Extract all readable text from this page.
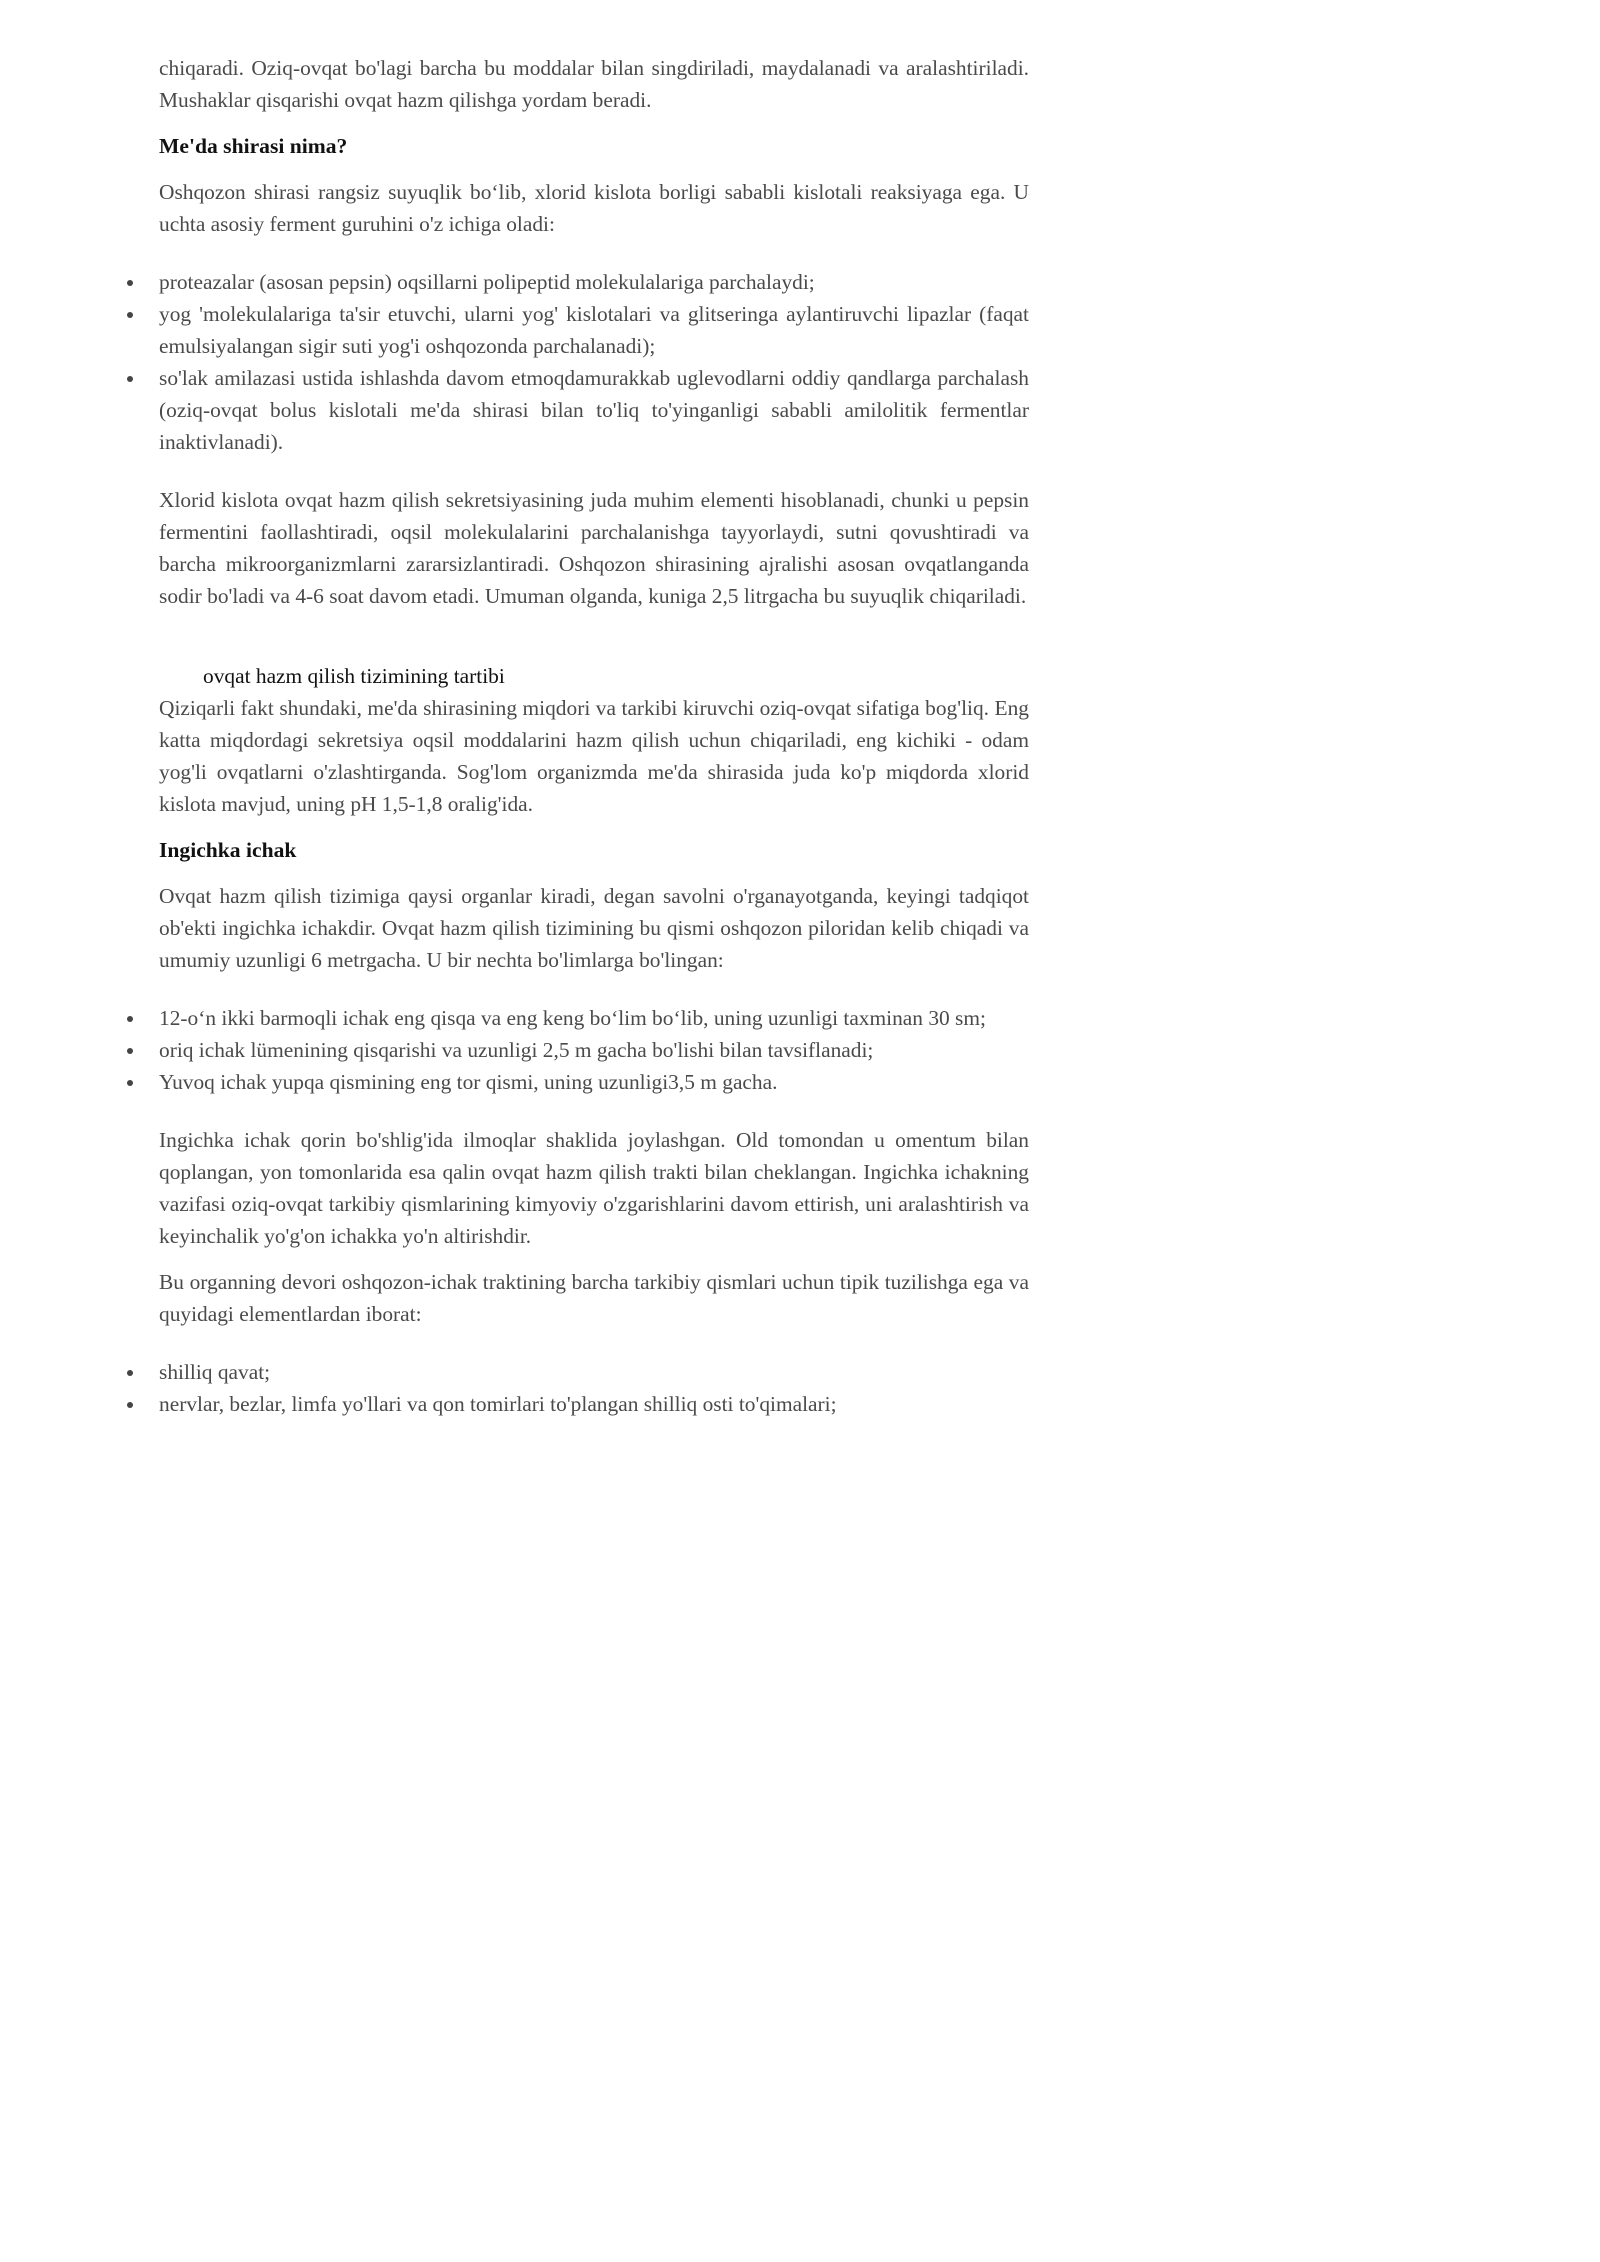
chiqaradi. Oziq-ovqat bo'lagi barcha bu moddalar bilan singdiriladi, maydalanadi va aralashtiriladi. Mushaklar qisqarishi ovqat hazm qilishga yordam beradi.

Me'da shirasi nima?

Oshqozon shirasi rangsiz suyuqlik bo‘lib, xlorid kislota borligi sababli kislotali reaksiyaga ega. U uchta asosiy ferment guruhini o'z ichiga oladi:

proteazalar (asosan pepsin) oqsillarni polipeptid molekulalariga parchalaydi;
yog 'molekulalariga ta'sir etuvchi, ularni yog' kislotalari va glitseringa aylantiruvchi lipazlar (faqat emulsiyalangan sigir suti yog'i oshqozonda parchalanadi);
so'lak amilazasi ustida ishlashda davom etmoqdamurakkab uglevodlarni oddiy qandlarga parchalash (oziq-ovqat bolus kislotali me'da shirasi bilan to'liq to'yinganligi sababli amilolitik fermentlar inaktivlanadi).

Xlorid kislota ovqat hazm qilish sekretsiyasining juda muhim elementi hisoblanadi, chunki u pepsin fermentini faollashtiradi, oqsil molekulalarini parchalanishga tayyorlaydi, sutni qovushtiradi va barcha mikroorganizmlarni zararsizlantiradi. Oshqozon shirasining ajralishi asosan ovqatlanganda sodir bo'ladi va 4-6 soat davom etadi. Umuman olganda, kuniga 2,5 litrgacha bu suyuqlik chiqariladi.

ovqat hazm qilish tizimining tartibi

Qiziqarli fakt shundaki, me'da shirasining miqdori va tarkibi kiruvchi oziq-ovqat sifatiga bog'liq. Eng katta miqdordagi sekretsiya oqsil moddalarini hazm qilish uchun chiqariladi, eng kichiki - odam yog'li ovqatlarni o'zlashtirganda. Sog'lom organizmda me'da shirasida juda ko'p miqdorda xlorid kislota mavjud, uning pH 1,5-1,8 oralig'ida.

Ingichka ichak

Ovqat hazm qilish tizimiga qaysi organlar kiradi, degan savolni o'rganayotganda, keyingi tadqiqot ob'ekti ingichka ichakdir. Ovqat hazm qilish tizimining bu qismi oshqozon piloridan kelib chiqadi va umumiy uzunligi 6 metrgacha. U bir nechta bo'limlarga bo'lingan:

12-o‘n ikki barmoqli ichak eng qisqa va eng keng bo‘lim bo‘lib, uning uzunligi taxminan 30 sm;
oriq ichak lümenining qisqarishi va uzunligi 2,5 m gacha bo'lishi bilan tavsiflanadi;
Yuvoq ichak yupqa qismining eng tor qismi, uning uzunligi3,5 m gacha.

Ingichka ichak qorin bo'shlig'ida ilmoqlar shaklida joylashgan. Old tomondan u omentum bilan qoplangan, yon tomonlarida esa qalin ovqat hazm qilish trakti bilan cheklangan. Ingichka ichakning vazifasi oziq-ovqat tarkibiy qismlarining kimyoviy o'zgarishlarini davom ettirish, uni aralashtirish va keyinchalik yo'g'on ichakka yo'n altirishdir.

Bu organning devori oshqozon-ichak traktining barcha tarkibiy qismlari uchun tipik tuzilishga ega va quyidagi elementlardan iborat:

shilliq qavat;
nervlar, bezlar, limfa yo'llari va qon tomirlari to'plangan shilliq osti to'qimalari;
